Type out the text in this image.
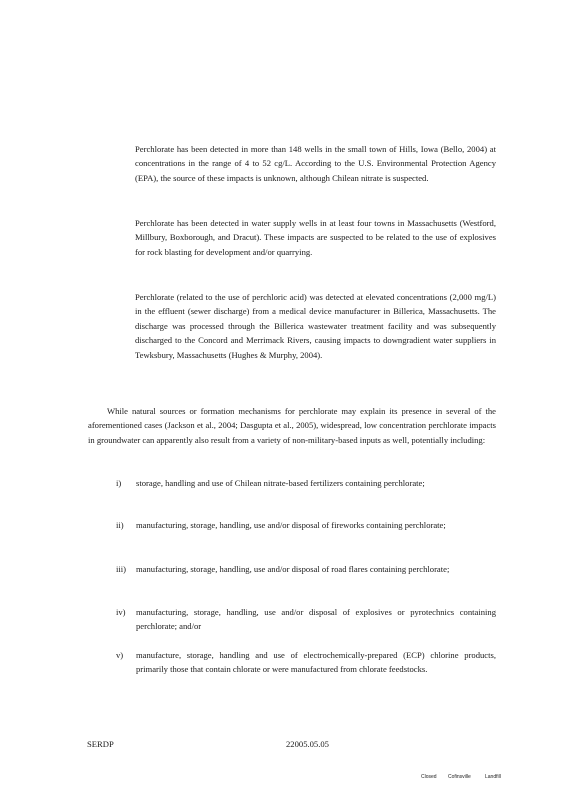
Perchlorate has been detected in more than 148 wells in the small town of Hills, Iowa (Bello, 2004) at concentrations in the range of 4 to 52 cg/L. According to the U.S. Environmental Protection Agency (EPA), the source of these impacts is unknown, although Chilean nitrate is suspected.
Perchlorate has been detected in water supply wells in at least four towns in Massachusetts (Westford, Millbury, Boxborough, and Dracut). These impacts are suspected to be related to the use of explosives for rock blasting for development and/or quarrying.
Perchlorate (related to the use of perchloric acid) was detected at elevated concentrations (2,000 mg/L) in the effluent (sewer discharge) from a medical device manufacturer in Billerica, Massachusetts. The discharge was processed through the Billerica wastewater treatment facility and was subsequently discharged to the Concord and Merrimack Rivers, causing impacts to downgradient water suppliers in Tewksbury, Massachusetts (Hughes & Murphy, 2004).
While natural sources or formation mechanisms for perchlorate may explain its presence in several of the aforementioned cases (Jackson et al., 2004; Dasgupta et al., 2005), widespread, low concentration perchlorate impacts in groundwater can apparently also result from a variety of non-military-based inputs as well, potentially including:
i)	storage, handling and use of Chilean nitrate-based fertilizers containing perchlorate;
ii)	manufacturing, storage, handling, use and/or disposal of fireworks containing perchlorate;
iii)	manufacturing, storage, handling, use and/or disposal of road flares containing perchlorate;
iv)	manufacturing, storage, handling, use and/or disposal of explosives or pyrotechnics containing perchlorate; and/or
v)	manufacture, storage, handling and use of electrochemically-prepared (ECP) chlorine products, primarily those that contain chlorate or were manufactured from chlorate feedstocks.
SERDP	22005.05.05
Closed Cofinsville	Landfill
